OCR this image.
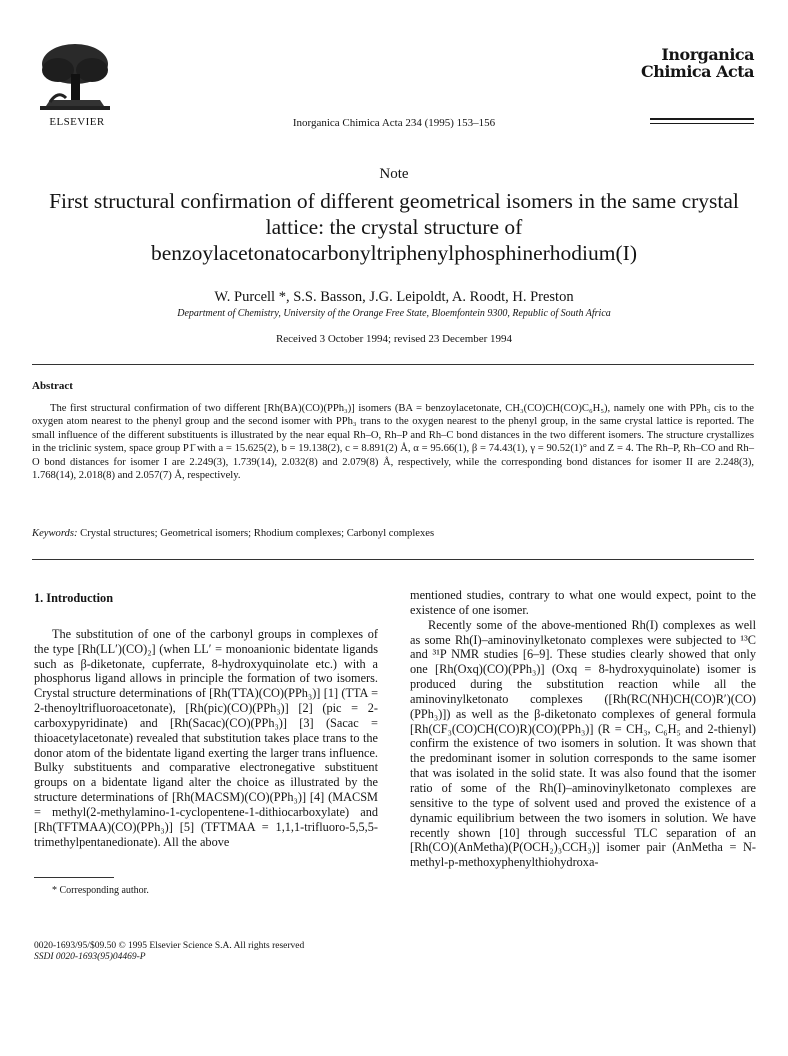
ELSEVIER	Inorganica Chimica Acta 234 (1995) 153–156
Inorganica
Chimica Acta
Note
First structural confirmation of different geometrical isomers in the same crystal lattice: the crystal structure of benzoylacetonatocarbonyltriphenylphosphinerhodium(I)
W. Purcell *, S.S. Basson, J.G. Leipoldt, A. Roodt, H. Preston
Department of Chemistry, University of the Orange Free State, Bloemfontein 9300, Republic of South Africa
Received 3 October 1994; revised 23 December 1994
Abstract
The first structural confirmation of two different [Rh(BA)(CO)(PPh₃)] isomers (BA = benzoylacetonate, CH₃(CO)CH(CO)C₆H₅), namely one with PPh₃ cis to the oxygen atom nearest to the phenyl group and the second isomer with PPh₃ trans to the oxygen nearest to the phenyl group, in the same crystal lattice is reported. The small influence of the different substituents is illustrated by the near equal Rh–O, Rh–P and Rh–C bond distances in the two different isomers. The structure crystallizes in the triclinic system, space group P1̄ with a = 15.625(2), b = 19.138(2), c = 8.891(2) Å, α = 95.66(1), β = 74.43(1), γ = 90.52(1)° and Z = 4. The Rh–P, Rh–CO and Rh–O bond distances for isomer I are 2.249(3), 1.739(14), 2.032(8) and 2.079(8) Å, respectively, while the corresponding bond distances for isomer II are 2.248(3), 1.768(14), 2.018(8) and 2.057(7) Å, respectively.
Keywords: Crystal structures; Geometrical isomers; Rhodium complexes; Carbonyl complexes
1. Introduction

The substitution of one of the carbonyl groups in complexes of the type [Rh(LL′)(CO)₂] (when LL′ = monoanionic bidentate ligands such as β-diketonate, cupferrate, 8-hydroxyquinolate etc.) with a phosphorus ligand allows in principle the formation of two isomers. Crystal structure determinations of [Rh(TTA)(CO)(PPh₃)] [1] (TTA = 2-thenoyltrifluoroacetonate), [Rh(pic)(CO)(PPh₃)] [2] (pic = 2-carboxypyridinate) and [Rh(Sacac)(CO)(PPh₃)] [3] (Sacac = thioacetylacetonate) revealed that substitution takes place trans to the donor atom of the bidentate ligand exerting the larger trans influence. Bulky substituents and comparative electronegative substituent groups on a bidentate ligand alter the choice as illustrated by the structure determinations of [Rh(MACSM)(CO)(PPh₃)] [4] (MACSM = methyl(2-methylamino-1-cyclopentene-1-dithiocarboxylate) and [Rh(TFTMAA)(CO)(PPh₃)] [5] (TFTMAA = 1,1,1-trifluoro-5,5,5-trimethylpentanedionate). All the above

mentioned studies, contrary to what one would expect, point to the existence of one isomer.

Recently some of the above-mentioned Rh(I) complexes as well as some Rh(I)–aminovinylketonato complexes were subjected to ¹³C and ³¹P NMR studies [6–9]. These studies clearly showed that only one [Rh(Oxq)(CO)(PPh₃)] (Oxq = 8-hydroxyquinolate) isomer is produced during the substitution reaction while all the aminovinylketonato complexes ([Rh(RC(NH)CH(CO)R′)(CO)(PPh₃)]) as well as the β-diketonato complexes of general formula [Rh(CF₃(CO)CH(CO)R)(CO)(PPh₃)] (R = CH₃, C₆H₅ and 2-thienyl) confirm the existence of two isomers in solution. It was shown that the predominant isomer in solution corresponds to the same isomer that was isolated in the solid state. It was also found that the isomer ratio of some of the Rh(I)–aminovinylketonato complexes are sensitive to the type of solvent used and proved the existence of a dynamic equilibrium between the two isomers in solution. We have recently shown [10] through successful TLC separation of an [Rh(CO)(AnMetha)(P(OCH₂)₃CCH₃)] isomer pair (AnMetha = N-methyl-p-methoxyphenylthiohydroxa-

* Corresponding author.
0020-1693/95/$09.50 © 1995 Elsevier Science S.A. All rights reserved
SSDI 0020-1693(95)04469-P
